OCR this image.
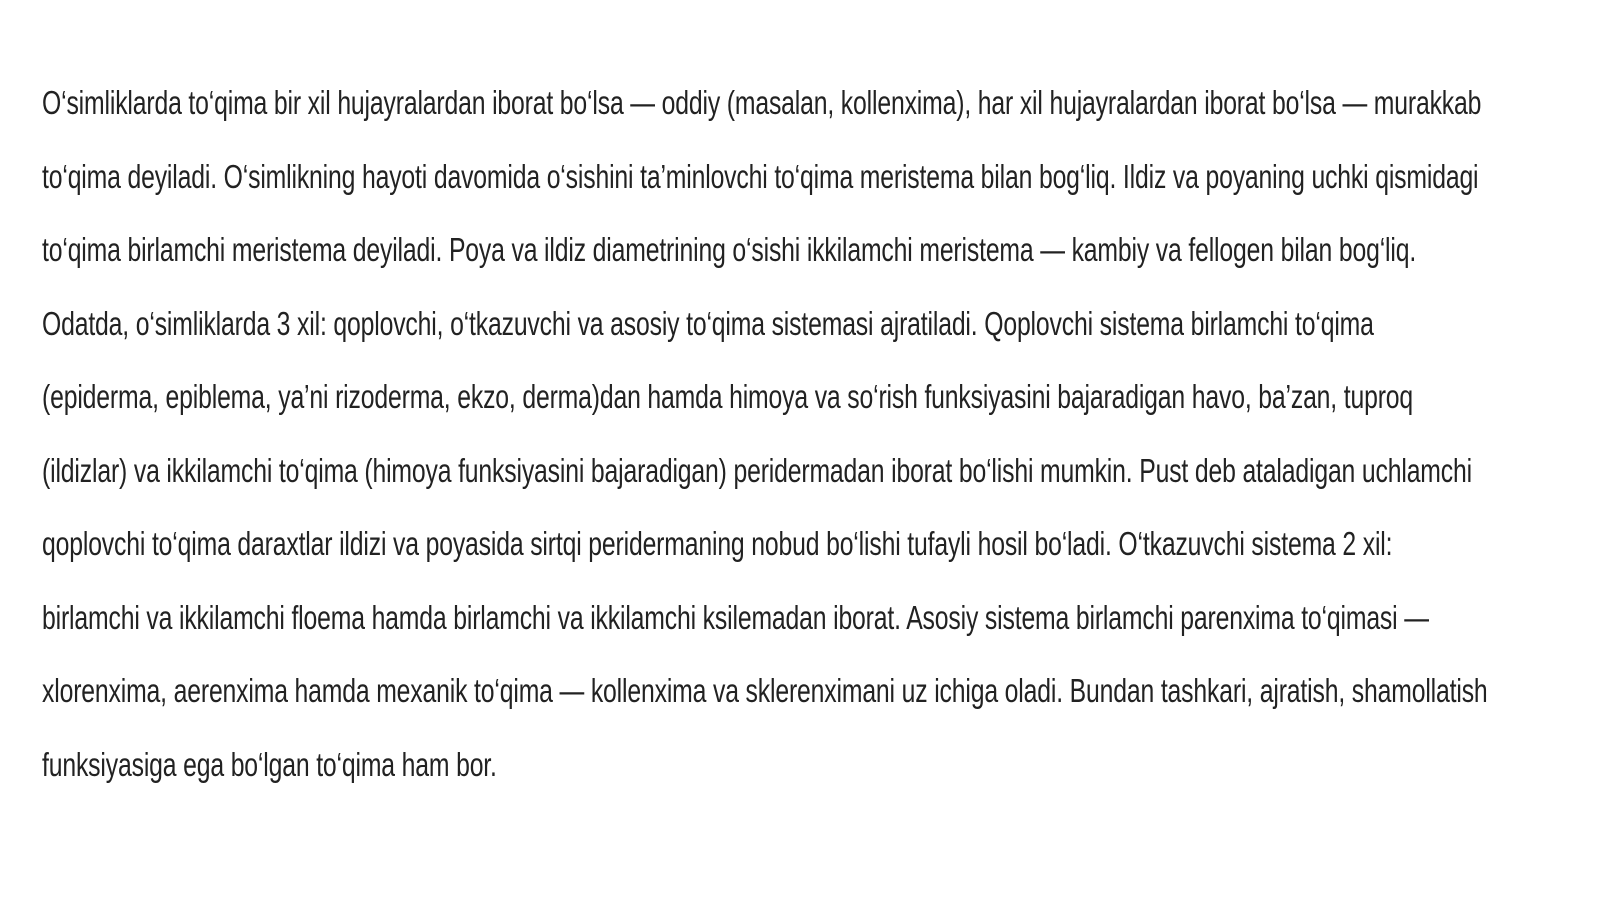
O‘simliklarda to‘qima bir xil hujayralardan iborat bo‘lsa — oddiy (masalan, kollenxima), har xil hujayralardan iborat bo‘lsa — murakkab
to‘qima deyiladi. O‘simlikning hayoti davomida o‘sishini ta’minlovchi to‘qima meristema bilan bog‘liq. Ildiz va poyaning uchki qismidagi
to‘qima birlamchi meristema deyiladi. Poya va ildiz diametrining o‘sishi ikkilamchi meristema — kambiy va fellogen bilan bog‘liq.
Odatda, o‘simliklarda 3 xil: qoplovchi, o‘tkazuvchi va asosiy to‘qima sistemasi ajratiladi. Qoplovchi sistema birlamchi to‘qima
(epiderma, epiblema, ya’ni rizoderma, ekzo, derma)dan hamda himoya va so‘rish funksiyasini bajaradigan havo, ba’zan, tuproq
(ildizlar) va ikkilamchi to‘qima (himoya funksiyasini bajaradigan) peridermadan iborat bo‘lishi mumkin. Pust deb ataladigan uchlamchi
qoplovchi to‘qima daraxtlar ildizi va poyasida sirtqi peridermaning nobud bo‘lishi tufayli hosil bo‘ladi. O‘tkazuvchi sistema 2 xil:
birlamchi va ikkilamchi floema hamda birlamchi va ikkilamchi ksilemadan iborat. Asosiy sistema birlamchi parenxima to‘qimasi —
xlorenxima, aerenxima hamda mexanik to‘qima — kollenxima va sklerenximani uz ichiga oladi. Bundan tashkari, ajratish, shamollatish
funksiyasiga ega bo‘lgan to‘qima ham bor.
